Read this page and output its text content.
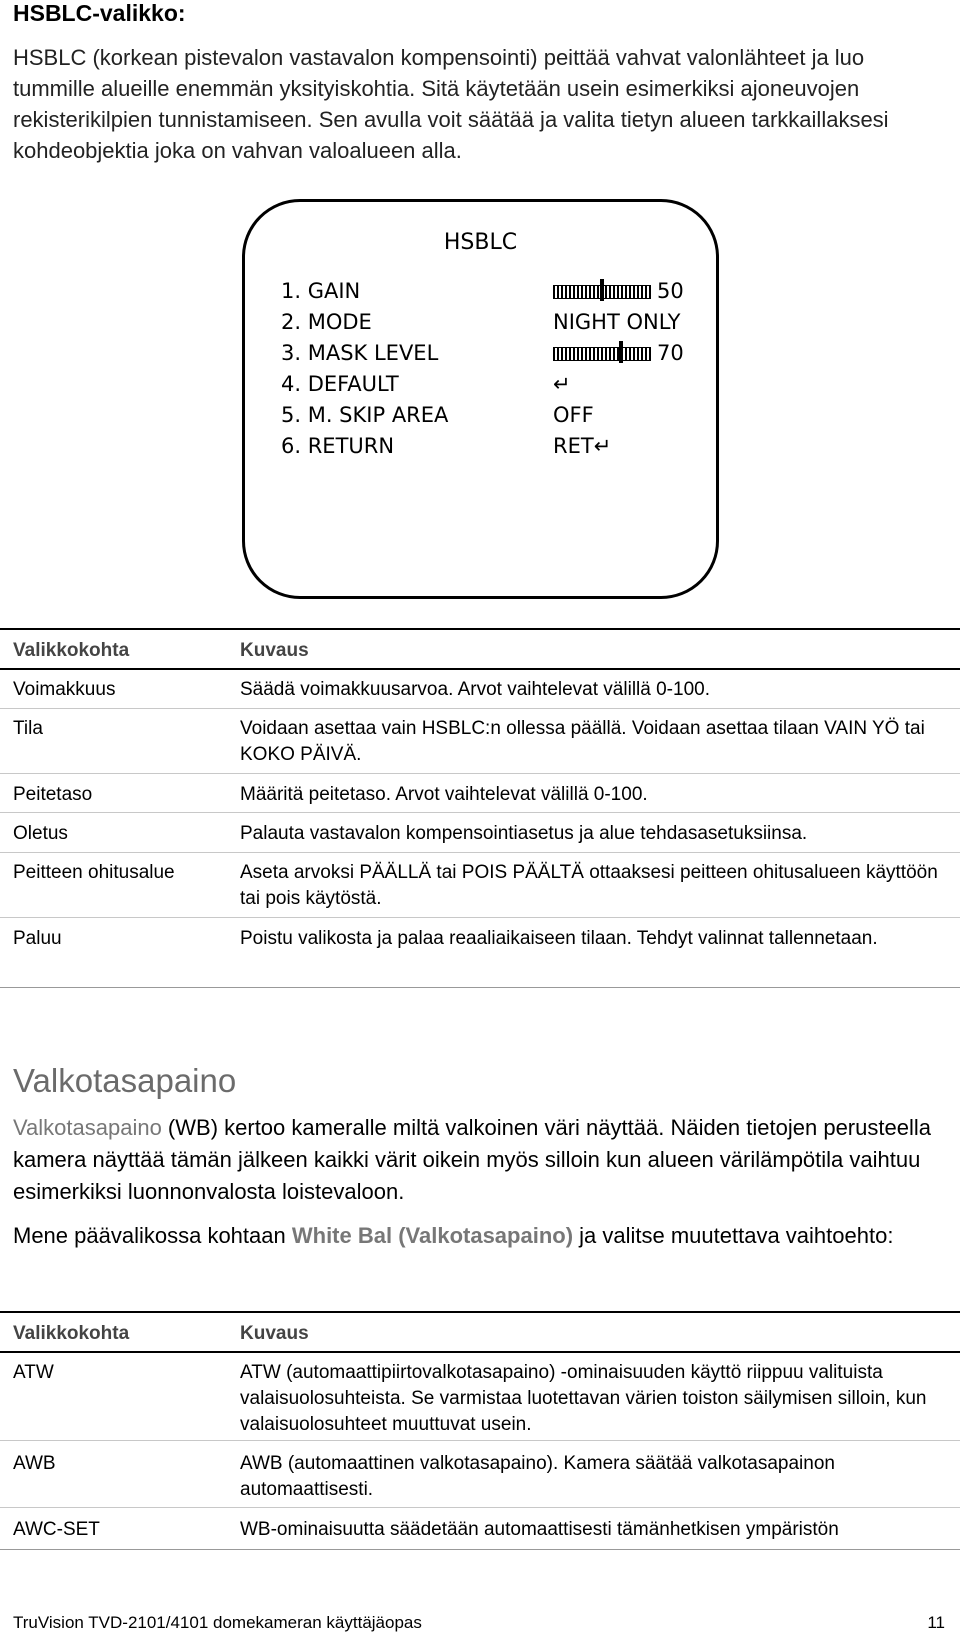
HSBLC-valikko:
HSBLC (korkean pistevalon vastavalon kompensointi) peittää vahvat valonlähteet ja luo tummille alueille enemmän yksityiskohtia. Sitä käytetään usein esimerkiksi ajoneuvojen rekisterikilpien tunnistamiseen. Sen avulla voit säätää ja valita tietyn alueen tarkkaillaksesi kohdeobjektia joka on vahvan valoalueen alla.
HSBLC
1. GAIN	50
2. MODE	NIGHT ONLY
3. MASK LEVEL	70
4. DEFAULT	↵
5. M. SKIP AREA	OFF
6. RETURN	RET↵
Valikkokohta	Kuvaus
Voimakkuus	Säädä voimakkuusarvoa. Arvot vaihtelevat välillä 0-100.
Tila	Voidaan asettaa vain HSBLC:n ollessa päällä. Voidaan asettaa tilaan VAIN YÖ tai KOKO PÄIVÄ.
Peitetaso	Määritä peitetaso. Arvot vaihtelevat välillä 0-100.
Oletus	Palauta vastavalon kompensointiasetus ja alue tehdasasetuksiinsa.
Peitteen ohitusalue	Aseta arvoksi PÄÄLLÄ tai POIS PÄÄLTÄ ottaaksesi peitteen ohitusalueen käyttöön tai pois käytöstä.
Paluu	Poistu valikosta ja palaa reaaliaikaiseen tilaan. Tehdyt valinnat tallennetaan.
Valkotasapaino
Valkotasapaino (WB) kertoo kameralle miltä valkoinen väri näyttää. Näiden tietojen perusteella kamera näyttää tämän jälkeen kaikki värit oikein myös silloin kun alueen värilämpötila vaihtuu esimerkiksi luonnonvalosta loistevaloon.
Mene päävalikossa kohtaan White Bal (Valkotasapaino) ja valitse muutettava vaihtoehto:
Valikkokohta	Kuvaus
ATW	ATW (automaattipiirtovalkotasapaino) -ominaisuuden käyttö riippuu valituista valaisuolosuhteista. Se varmistaa luotettavan värien toiston säilymisen silloin, kun valaisuolosuhteet muuttuvat usein.
AWB	AWB (automaattinen valkotasapaino). Kamera säätää valkotasapainon automaattisesti.
AWC-SET	WB-ominaisuutta säädetään automaattisesti tämänhetkisen ympäristön
TruVision TVD-2101/4101 domekameran käyttäjäopas	11
